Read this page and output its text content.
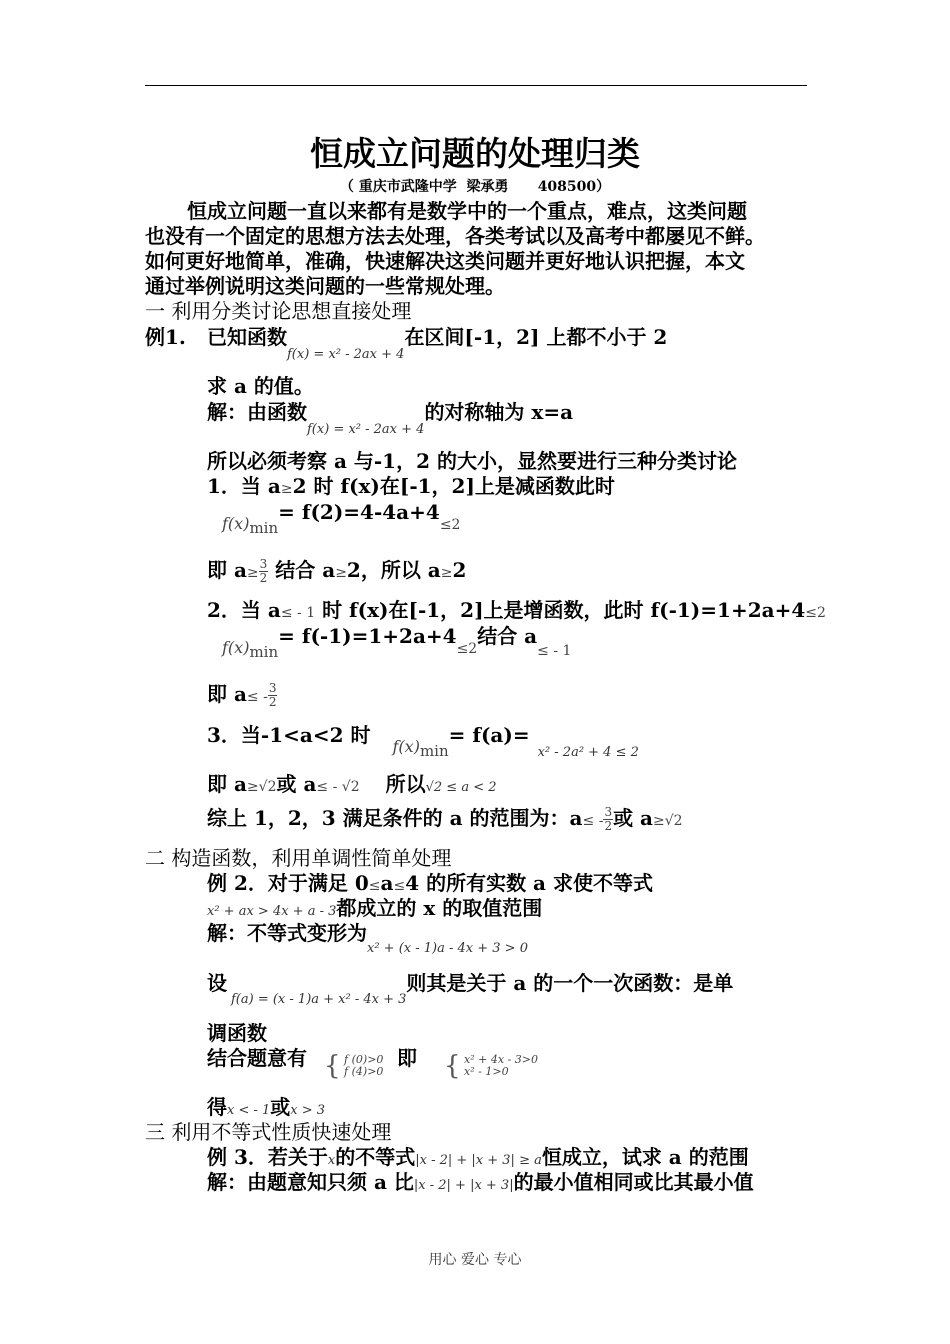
恒成立问题的处理归类
（ 重庆市武隆中学  梁承勇      408500）
恒成立问题一直以来都有是数学中的一个重点，难点，这类问题
也没有一个固定的思想方法去处理，各类考试以及高考中都屡见不鲜。
如何更好地简单，准确，快速解决这类问题并更好地认识把握，本文
通过举例说明这类问题的一些常规处理。
一 利用分类讨论思想直接处理
例1. 已知函数$_{f(x) = x^2 - 2ax + 4}$在区间[-1，2] 上都不小于 2
求 a 的值。
解：由函数$_{f(x) = x^2 - 2ax + 4}$的对称轴为 x=a
所以必须考察 a 与-1，2 的大小，显然要进行三种分类讨论
1．当 a≥2 时 f(x)在[-1，2]上是减函数此时
$_{f(x)_{min}}= f(2)=4-4a+4_{\le 2}$
即 $a\ge \frac{3}{2}$ 结合 a≥2，所以 a≥2
2．当 a≤ - 1 时 f(x)在[-1，2]上是增函数，此时 f(-1)=1+2a+4≤2
$_{f(x)_{min}}= f(-1)=1+2a+4_{\le 2}$结合 $a_{\le - 1}$
即 $a\le - \frac{3}{2}$
3．当-1<a<2 时 $_{f(x)_{min}}= f(a)=_{x^2 - 2a^2 + 4 \le 2}$
即 a≥√2或 a≤ - √2 所以√2 ≤ a < 2
综上 1，2，3 满足条件的 a 的范围为：$a\le - \frac{3}{2}$ 或 a≥√2
二 构造函数，利用单调性简单处理
例 2．对于满足 0≤a≤4 的所有实数 a 求使不等式
x² + ax > 4x + a - 3都成立的 x 的取值范围
解：不等式变形为$_{x^2 + (x - 1)a - 4x + 3 > 0}$
设$_{f(a) = (x - 1)a + x^2 - 4x + 3}$则其是关于 a 的一个一次函数：是单
调函数
结合题意有	即
{ f (0)>0
f (4)>0 { x² + 4x - 3>0
x² - 1>0
得x < - 1或x > 3
三 利用不等式性质快速处理
例 3．若关于x的不等式|x - 2| + |x + 3| ≥ a恒成立，试求 a 的范围
解：由题意知只须 a 比|x - 2| + |x + 3|的最小值相同或比其最小值
用心 爱心 专心
